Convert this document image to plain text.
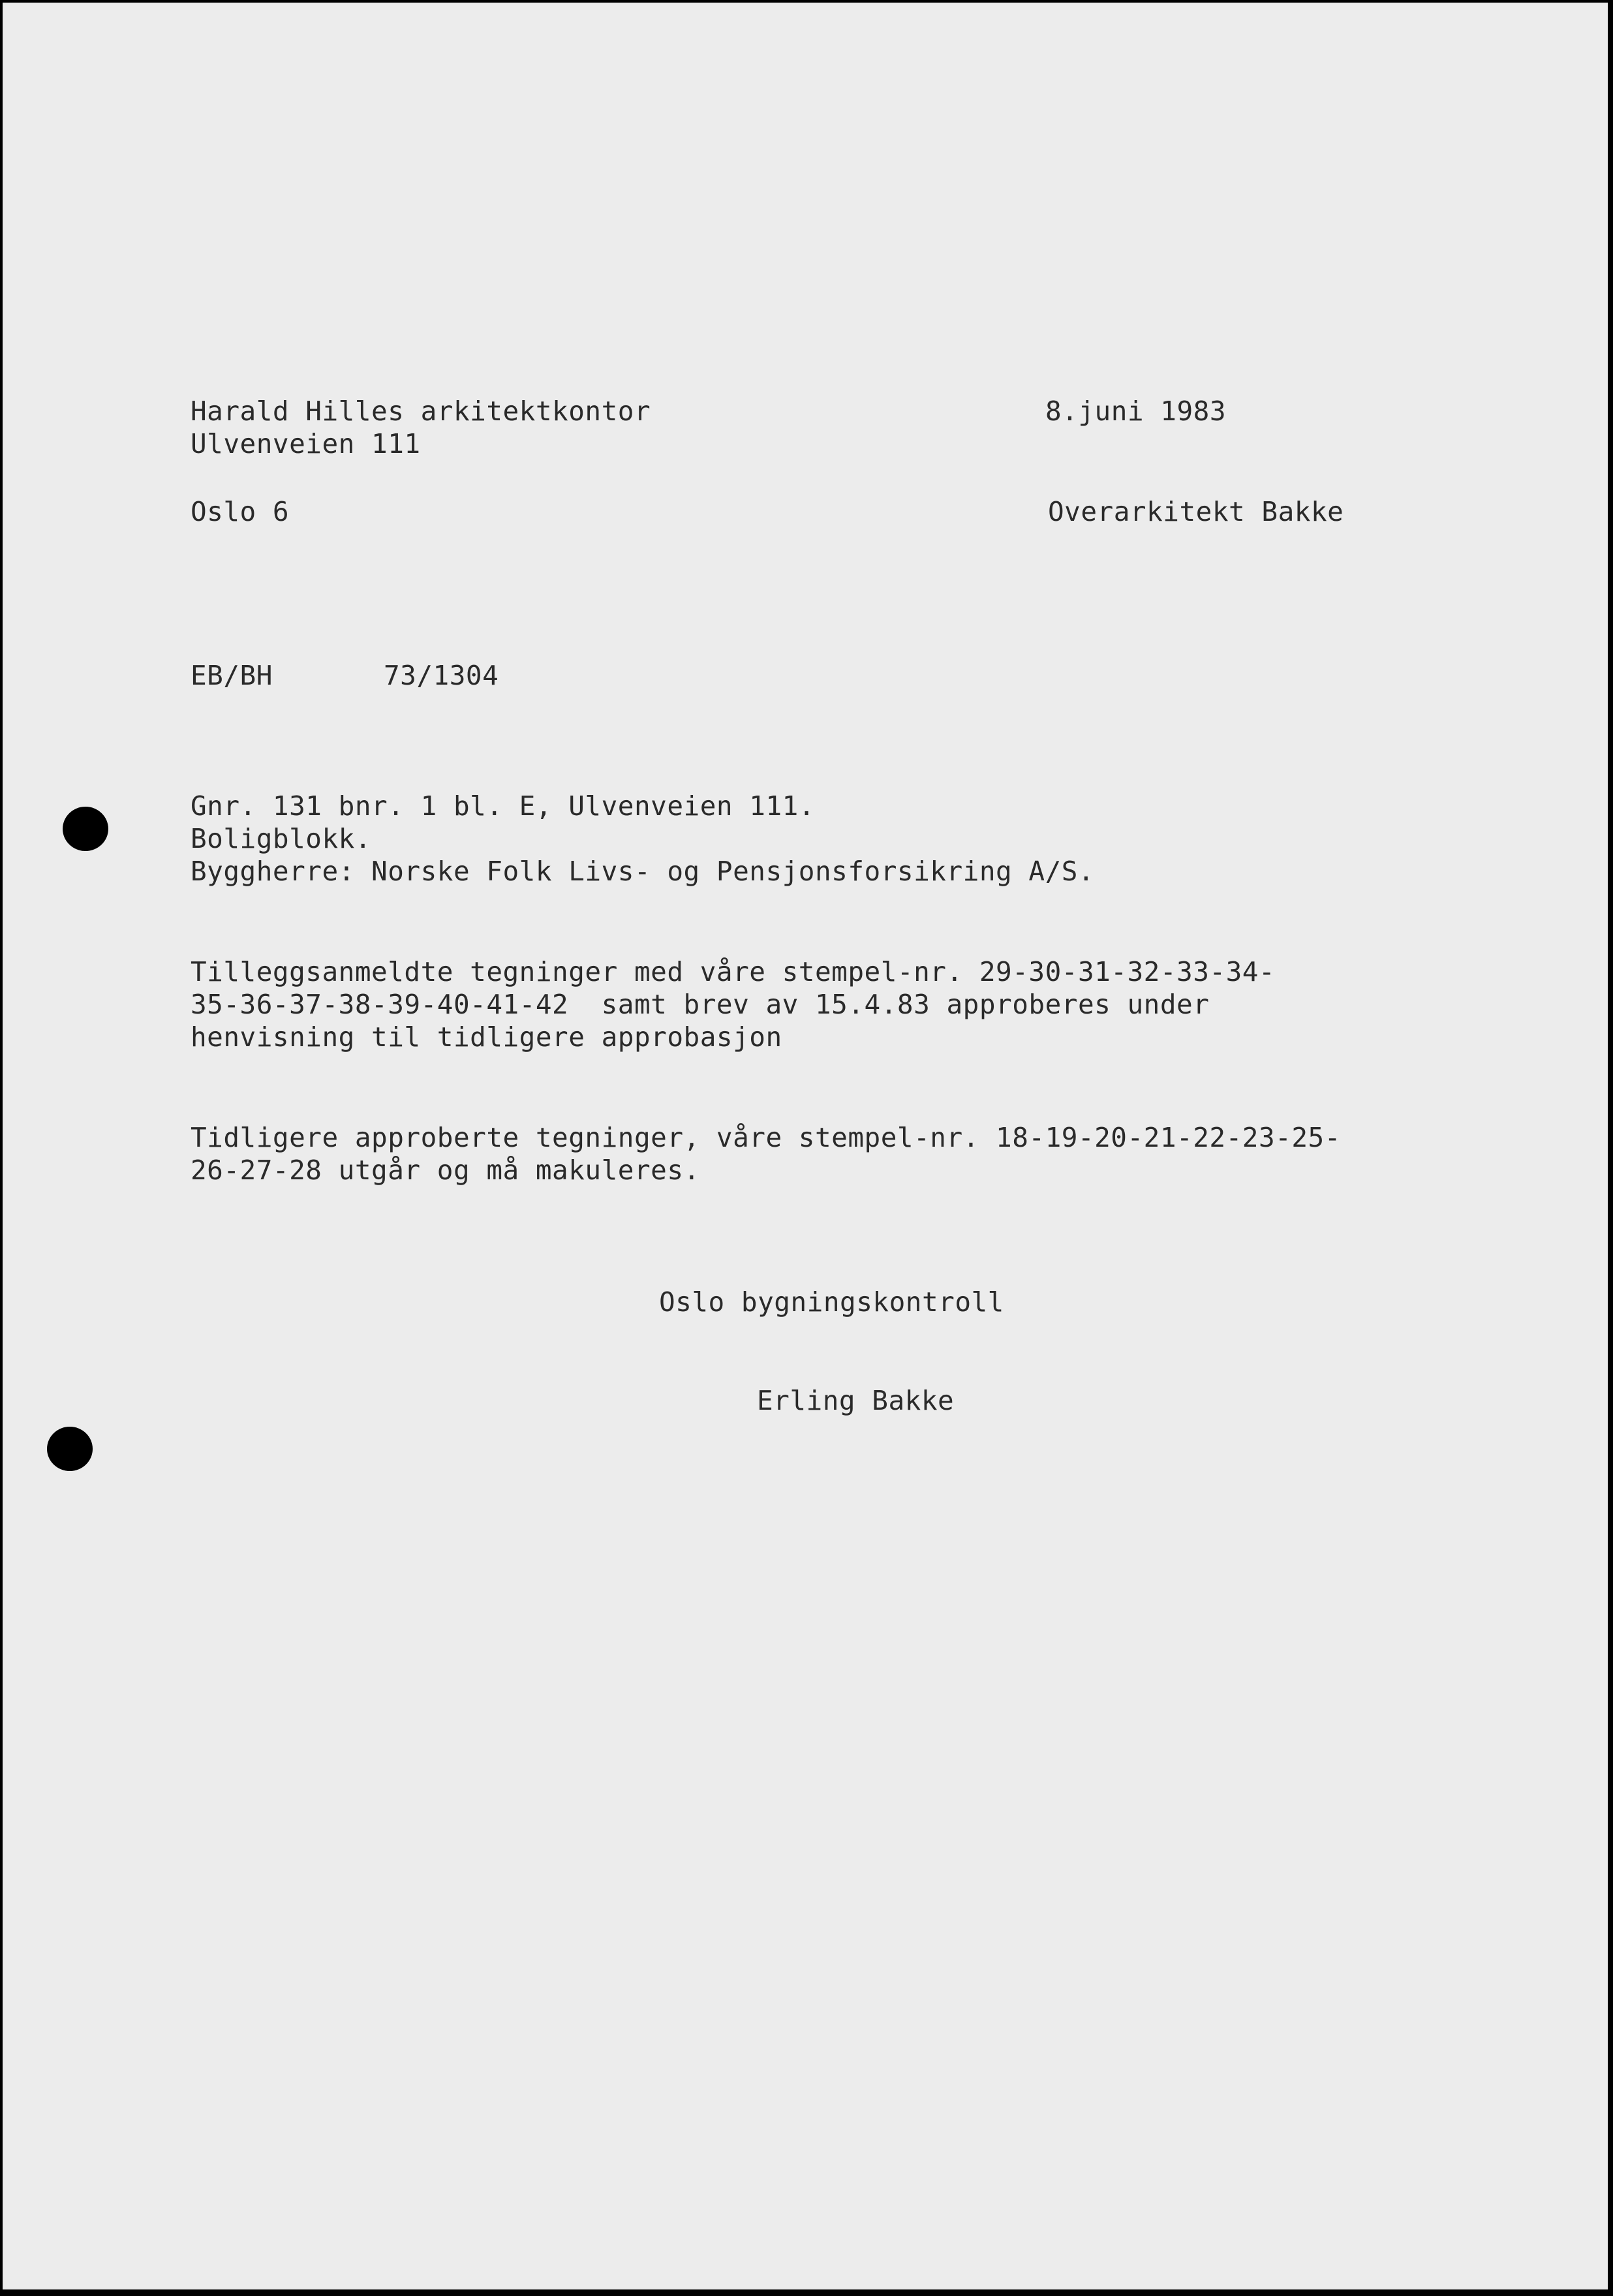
Harald Hilles arkitektkontor
Ulvenveien 111
Oslo 6
8.juni 1983
Overarkitekt Bakke
EB/BH	73/1304
Gnr. 131 bnr. 1 bl. E, Ulvenveien 111.
Boligblokk.
Byggherre: Norske Folk Livs- og Pensjonsforsikring A/S.
Tilleggsanmeldte tegninger med våre stempel-nr. 29-30-31-32-33-34-
35-36-37-38-39-40-41-42  samt brev av 15.4.83 approberes under
henvisning til tidligere approbasjon
Tidligere approberte tegninger, våre stempel-nr. 18-19-20-21-22-23-25-
26-27-28 utgår og må makuleres.
Oslo bygningskontroll
Erling Bakke
